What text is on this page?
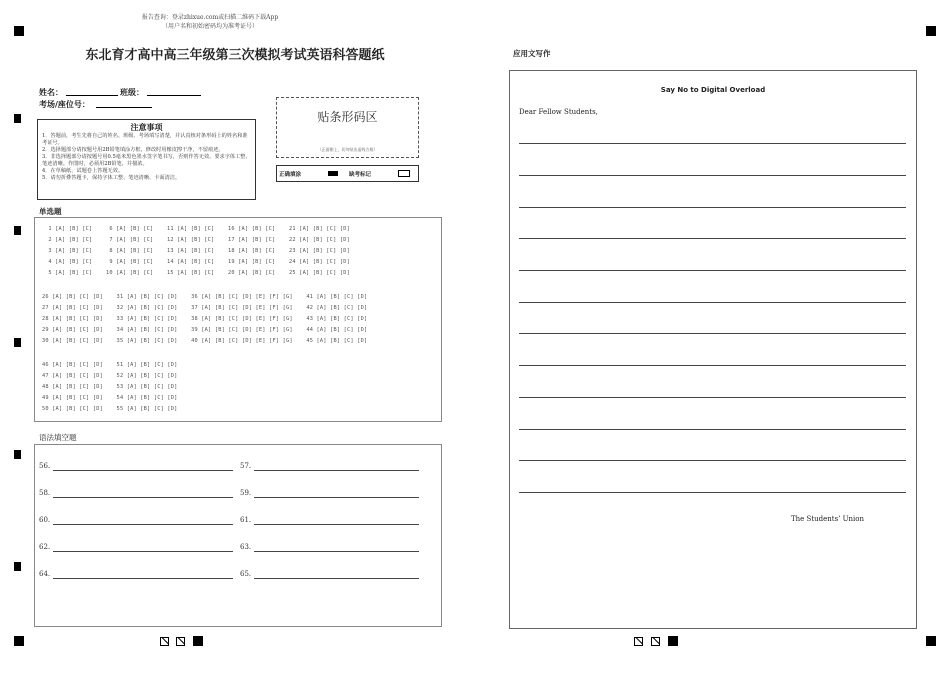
报告查询：登录zhixue.com或扫描二维码下载App
（用户名和初始密码均为准考证号）
东北育才高中高三年级第三次模拟考试英语科答题纸
姓名：	班级：
考场/座位号：
注意事项
1．答题前，考生先将自己的姓名、班级、考场填写清楚，并认真核对条形码上的姓名和准考证号。
2．选择题部分请按题号用2B铅笔填涂方框，修改时用橡皮擦干净，不留痕迹。
3．非选择题部分请按题号用0.5毫米黑色墨水签字笔书写，否则作答无效。要求字体工整、笔迹清晰。作图时，必须用2B铅笔，并描浓。
4．在草稿纸、试题卷上答题无效。
5．请勿折叠答题卡，保持字体工整、笔迹清晰、卡面清洁。
贴条形码区
（正面朝上，切勿贴出虚线方框）
正确填涂	缺考标记
单选题
1 [A] [B] [C]     6 [A] [B] [C]    11 [A] [B] [C]    16 [A] [B] [C]    21 [A] [B] [C] [D]
2 [A] [B] [C]     7 [A] [B] [C]    12 [A] [B] [C]    17 [A] [B] [C]    22 [A] [B] [C] [D]
3 [A] [B] [C]     8 [A] [B] [C]    13 [A] [B] [C]    18 [A] [B] [C]    23 [A] [B] [C] [D]
4 [A] [B] [C]     9 [A] [B] [C]    14 [A] [B] [C]    19 [A] [B] [C]    24 [A] [B] [C] [D]
5 [A] [B] [C]    10 [A] [B] [C]    15 [A] [B] [C]    20 [A] [B] [C]    25 [A] [B] [C] [D]
26 [A] [B] [C] [D]    31 [A] [B] [C] [D]    36 [A] [B] [C] [D] [E] [F] [G]    41 [A] [B] [C] [D]
27 [A] [B] [C] [D]    32 [A] [B] [C] [D]    37 [A] [B] [C] [D] [E] [F] [G]    42 [A] [B] [C] [D]
28 [A] [B] [C] [D]    33 [A] [B] [C] [D]    38 [A] [B] [C] [D] [E] [F] [G]    43 [A] [B] [C] [D]
29 [A] [B] [C] [D]    34 [A] [B] [C] [D]    39 [A] [B] [C] [D] [E] [F] [G]    44 [A] [B] [C] [D]
30 [A] [B] [C] [D]    35 [A] [B] [C] [D]    40 [A] [B] [C] [D] [E] [F] [G]    45 [A] [B] [C] [D]
46 [A] [B] [C] [D]    51 [A] [B] [C] [D]
47 [A] [B] [C] [D]    52 [A] [B] [C] [D]
48 [A] [B] [C] [D]    53 [A] [B] [C] [D]
49 [A] [B] [C] [D]    54 [A] [B] [C] [D]
50 [A] [B] [C] [D]    55 [A] [B] [C] [D]
语法填空题
56.	57.
58.	59.
60.	61.
62.	63.
64.	65.
应用文写作
Say No to Digital Overload
Dear Fellow Students,
The Students’ Union
